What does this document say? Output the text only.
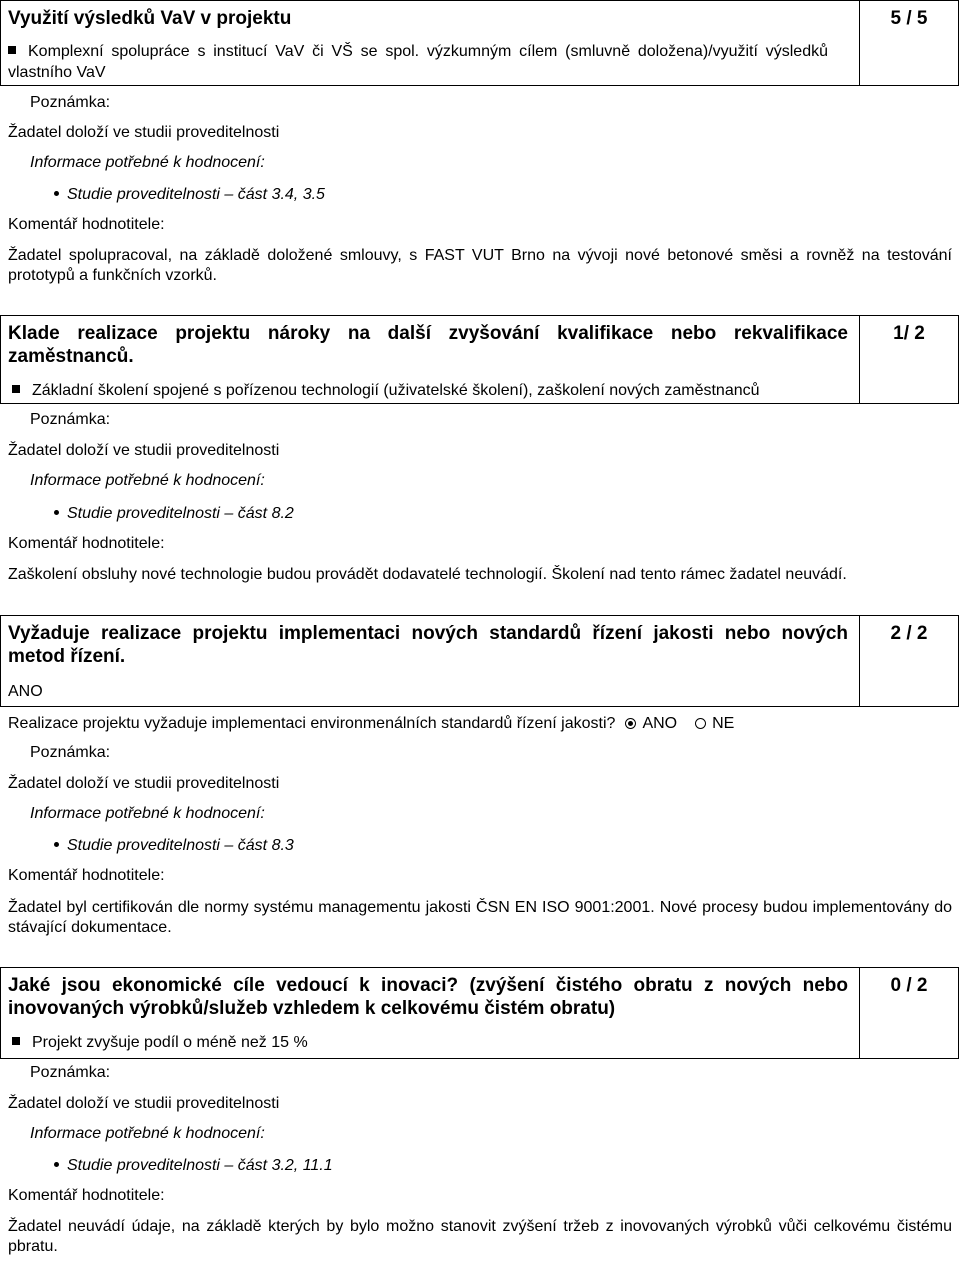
Využití výsledků VaV v projektu	5 / 5
Komplexní spolupráce s institucí VaV či VŠ se spol. výzkumným cílem (smluvně doložena)/využití výsledků vlastního VaV
Poznámka:
Žadatel doloží ve studii proveditelnosti
Informace potřebné k hodnocení:
Studie proveditelnosti – část 3.4, 3.5
Komentář hodnotitele:
Žadatel spolupracoval, na základě doložené smlouvy, s FAST VUT Brno na vývoji nové betonové směsi a rovněž na testování prototypů a funkčních vzorků.
Klade realizace projektu nároky na další zvyšování kvalifikace nebo rekvalifikace zaměstnanců.
1/ 2
Základní školení spojené s pořízenou technologií (uživatelské školení), zaškolení nových zaměstnanců
Poznámka:
Žadatel doloží ve studii proveditelnosti
Informace potřebné k hodnocení:
Studie proveditelnosti – část 8.2
Komentář hodnotitele:
Zaškolení obsluhy nové technologie budou provádět dodavatelé technologií. Školení nad tento rámec žadatel neuvádí.
Vyžaduje realizace projektu implementaci nových standardů řízení jakosti nebo nových metod řízení.
2 / 2
ANO
Realizace projektu vyžaduje implementaci environmenálních standardů řízení jakosti? ANO NE
Poznámka:
Žadatel doloží ve studii proveditelnosti
Informace potřebné k hodnocení:
Studie proveditelnosti – část 8.3
Komentář hodnotitele:
Žadatel byl certifikován dle normy systému managementu jakosti ČSN EN ISO 9001:2001. Nové procesy budou implementovány do stávající dokumentace.
Jaké jsou ekonomické cíle vedoucí k inovaci? (zvýšení čistého obratu z nových nebo inovovaných výrobků/služeb vzhledem k celkovému čistém obratu)
0 / 2
Projekt zvyšuje podíl o méně než 15 %
Poznámka:
Žadatel doloží ve studii proveditelnosti
Informace potřebné k hodnocení:
Studie proveditelnosti – část 3.2, 11.1
Komentář hodnotitele:
Žadatel neuvádí údaje, na základě kterých by bylo možno stanovit zvýšení tržeb z inovovaných výrobků vůči celkovému čistému pbratu.
